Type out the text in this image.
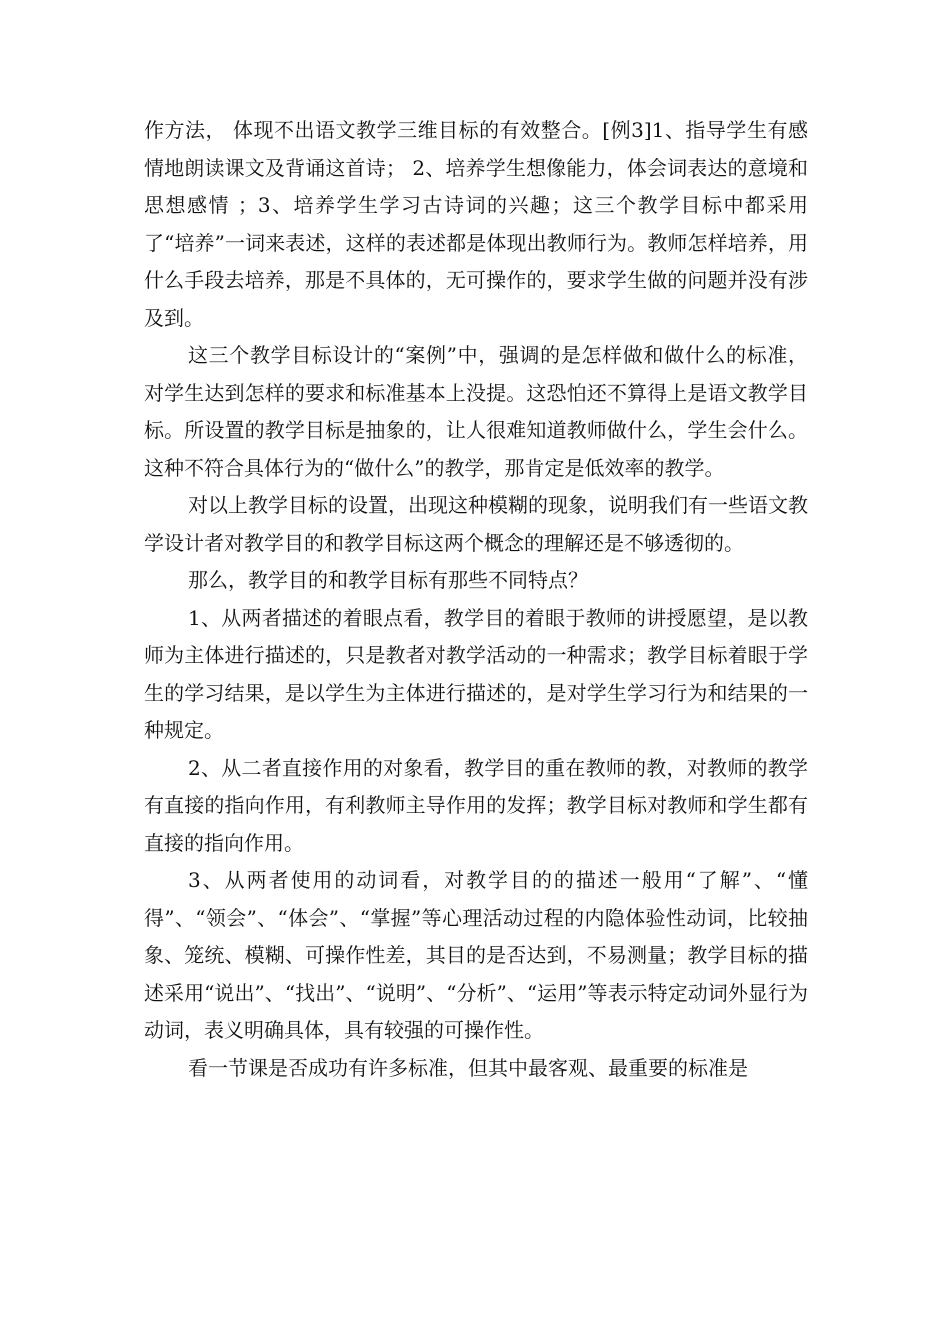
作方法， 体现不出语文教学三维目标的有效整合。[例3]1、指导学生有感情地朗读课文及背诵这首诗； 2、培养学生想像能力，体会词表达的意境和思想感情 ；3、培养学生学习古诗词的兴趣；这三个教学目标中都采用了“培养”一词来表述，这样的表述都是体现出教师行为。教师怎样培养，用什么手段去培养，那是不具体的，无可操作的，要求学生做的问题并没有涉及到。

这三个教学目标设计的“案例”中，强调的是怎样做和做什么的标准，对学生达到怎样的要求和标准基本上没提。这恐怕还不算得上是语文教学目标。所设置的教学目标是抽象的，让人很难知道教师做什么，学生会什么。这种不符合具体行为的“做什么”的教学，那肯定是低效率的教学。

对以上教学目标的设置，出现这种模糊的现象，说明我们有一些语文教学设计者对教学目的和教学目标这两个概念的理解还是不够透彻的。

那么，教学目的和教学目标有那些不同特点？

1、从两者描述的着眼点看，教学目的着眼于教师的讲授愿望，是以教师为主体进行描述的，只是教者对教学活动的一种需求；教学目标着眼于学生的学习结果，是以学生为主体进行描述的，是对学生学习行为和结果的一种规定。

2、从二者直接作用的对象看，教学目的重在教师的教，对教师的教学有直接的指向作用，有利教师主导作用的发挥；教学目标对教师和学生都有直接的指向作用。

3、从两者使用的动词看，对教学目的的描述一般用“了解”、“懂得”、“领会”、“体会”、“掌握”等心理活动过程的内隐体验性动词，比较抽象、笼统、模糊、可操作性差，其目的是否达到，不易测量；教学目标的描述采用“说出”、“找出”、“说明”、“分析”、“运用”等表示特定动词外显行为动词，表义明确具体，具有较强的可操作性。

看一节课是否成功有许多标准，但其中最客观、最重要的标准是
